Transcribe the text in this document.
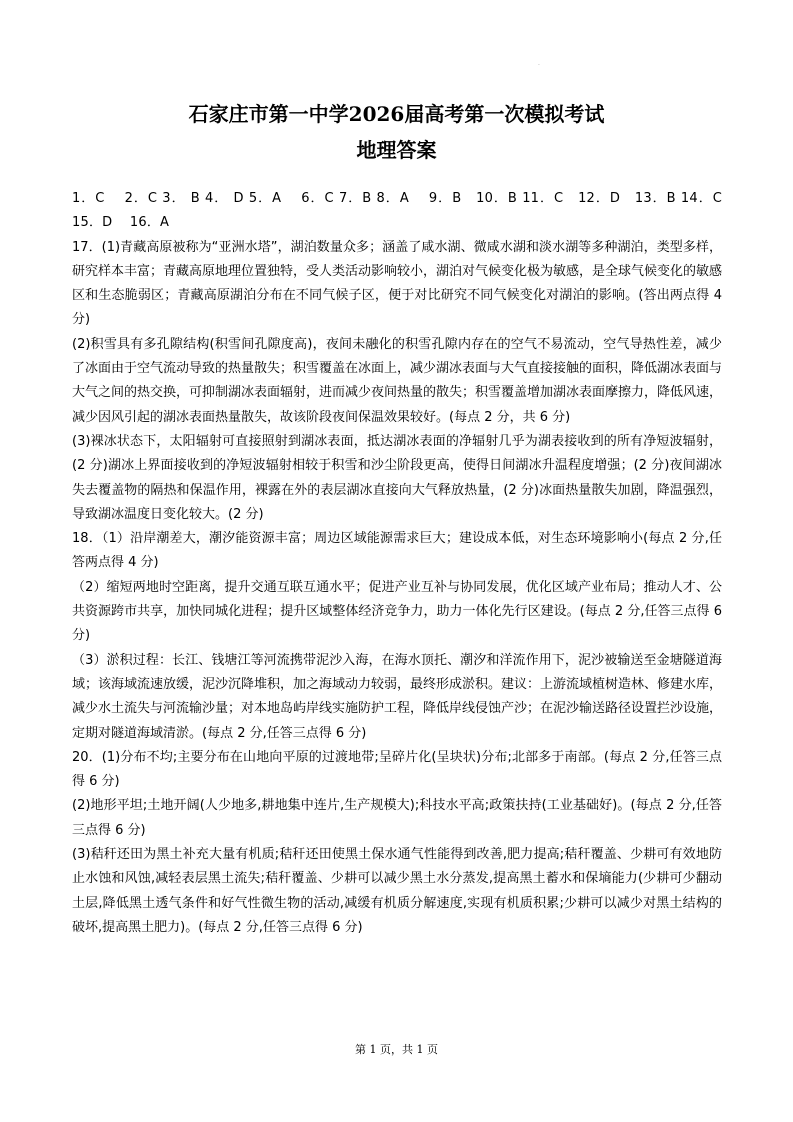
·
石家庄市第一中学2026届高考第一次模拟考试
地理答案

1．C　 2．C 3． B 4． D 5．A　 6．C 7．B 8．A　 9．B　10．B 11．C　12．D　13．B 14．C　 15．D　 16．A

17．(1)青藏高原被称为“亚洲水塔”，湖泊数量众多；涵盖了咸水湖、微咸水湖和淡水湖等多种湖泊，类型多样，研究样本丰富；青藏高原地理位置独特，受人类活动影响较小，湖泊对气候变化极为敏感，是全球气候变化的敏感区和生态脆弱区；青藏高原湖泊分布在不同气候子区，便于对比研究不同气候变化对湖泊的影响。(答出两点得 4 分)

(2)积雪具有多孔隙结构(积雪间孔隙度高)，夜间未融化的积雪孔隙内存在的空气不易流动，空气导热性差，减少了冰面由于空气流动导致的热量散失；积雪覆盖在冰面上，减少湖冰表面与大气直接接触的面积，降低湖冰表面与大气之间的热交换，可抑制湖冰表面辐射，进而减少夜间热量的散失；积雪覆盖增加湖冰表面摩擦力，降低风速，减少因风引起的湖冰表面热量散失，故该阶段夜间保温效果较好。(每点 2 分，共 6 分)

(3)裸冰状态下，太阳辐射可直接照射到湖冰表面，抵达湖冰表面的净辐射几乎为湖表接收到的所有净短波辐射，(2 分)湖冰上界面接收到的净短波辐射相较于积雪和沙尘阶段更高，使得日间湖冰升温程度增强；(2 分)夜间湖冰失去覆盖物的隔热和保温作用，裸露在外的表层湖冰直接向大气释放热量，(2 分)冰面热量散失加剧，降温强烈，导致湖冰温度日变化较大。(2 分)

18．（1）沿岸潮差大，潮汐能资源丰富；周边区域能源需求巨大；建设成本低，对生态环境影响小(每点 2 分,任答两点得 4 分)

（2）缩短两地时空距离，提升交通互联互通水平；促进产业互补与协同发展，优化区域产业布局；推动人才、公共资源跨市共享，加快同城化进程；提升区域整体经济竞争力，助力一体化先行区建设。(每点 2 分,任答三点得 6 分)

（3）淤积过程：长江、钱塘江等河流携带泥沙入海，在海水顶托、潮汐和洋流作用下，泥沙被输送至金塘隧道海域；该海域流速放缓，泥沙沉降堆积，加之海域动力较弱，最终形成淤积。建议：上游流域植树造林、修建水库，减少水土流失与河流输沙量；对本地岛屿岸线实施防护工程，降低岸线侵蚀产沙；在泥沙输送路径设置拦沙设施，定期对隧道海域清淤。(每点 2 分,任答三点得 6 分)

20．(1)分布不均;主要分布在山地向平原的过渡地带;呈碎片化(呈块状)分布;北部多于南部。(每点 2 分,任答三点得 6 分)

(2)地形平坦;土地开阔(人少地多,耕地集中连片,生产规模大);科技水平高;政策扶持(工业基础好)。(每点 2 分,任答三点得 6 分)

(3)秸秆还田为黑土补充大量有机质;秸秆还田使黑土保水通气性能得到改善,肥力提高;秸秆覆盖、少耕可有效地防止水蚀和风蚀,减轻表层黑土流失;秸秆覆盖、少耕可以减少黑土水分蒸发,提高黑土蓄水和保墒能力(少耕可少翻动土层,降低黑土透气条件和好气性微生物的活动,减缓有机质分解速度,实现有机质积累;少耕可以减少对黑土结构的破坏,提高黑土肥力)。(每点 2 分,任答三点得 6 分)

第 1 页，共 1 页
